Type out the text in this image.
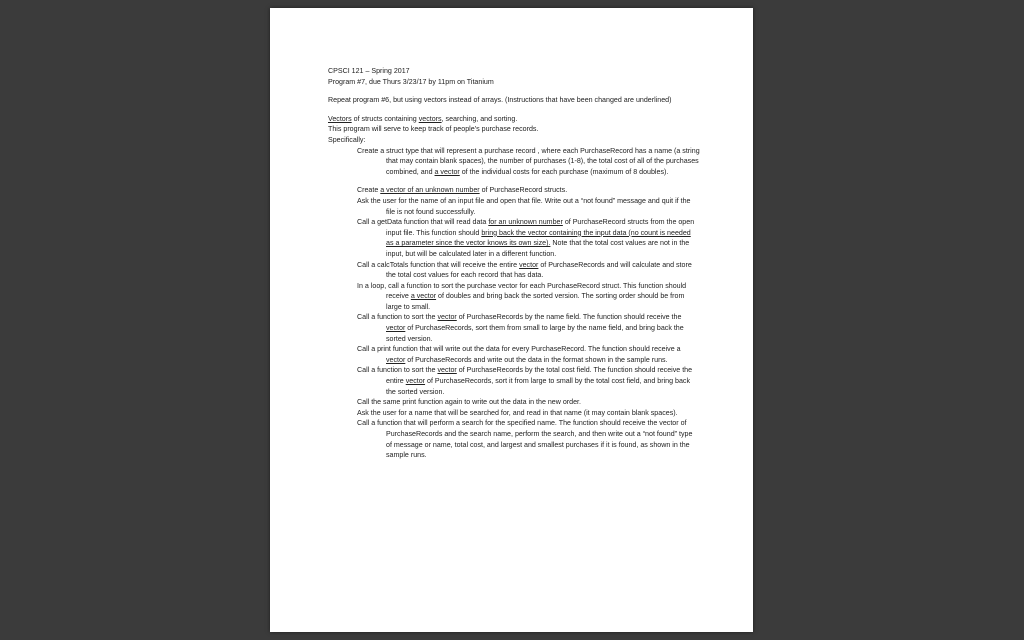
CPSCI 121 – Spring 2017

Program #7, due Thurs 3/23/17 by 11pm on Titanium

Repeat program #6, but using vectors instead of arrays. (Instructions that have been changed are underlined)

Vectors of structs containing vectors, searching, and sorting.

This program will serve to keep track of people’s purchase records.

Specifically:

Create a struct type that will represent a purchase record , where each PurchaseRecord has a name (a string that may contain blank spaces), the number of purchases (1-8), the total cost of all of the purchases combined, and a vector of the individual costs for each purchase (maximum of 8 doubles).

Create a vector of an unknown number of PurchaseRecord structs.

Ask the user for the name of an input file and open that file. Write out a “not found” message and quit if the file is not found successfully.

Call a getData function that will read data for an unknown number of PurchaseRecord structs from the open input file. This function should bring back the vector containing the input data (no count is needed as a parameter since the vector knows its own size). Note that the total cost values are not in the input, but will be calculated later in a different function.

Call a calcTotals function that will receive the entire vector of PurchaseRecords and will calculate and store the total cost values for each record that has data.

In a loop, call a function to sort the purchase vector for each PurchaseRecord struct. This function should receive a vector of doubles and bring back the sorted version. The sorting order should be from large to small.

Call a function to sort the vector of PurchaseRecords by the name field. The function should receive the vector of PurchaseRecords, sort them from small to large by the name field, and bring back the sorted version.

Call a print function that will write out the data for every PurchaseRecord. The function should receive a vector of PurchaseRecords and write out the data in the format shown in the sample runs.

Call a function to sort the vector of PurchaseRecords by the total cost field. The function should receive the entire vector of PurchaseRecords, sort it from large to small by the total cost field, and bring back the sorted version.

Call the same print function again to write out the data in the new order.

Ask the user for a name that will be searched for, and read in that name (it may contain blank spaces).

Call a function that will perform a search for the specified name. The function should receive the vector of PurchaseRecords and the search name, perform the search, and then write out a “not found” type of message or name, total cost, and largest and smallest purchases if it is found, as shown in the sample runs.
